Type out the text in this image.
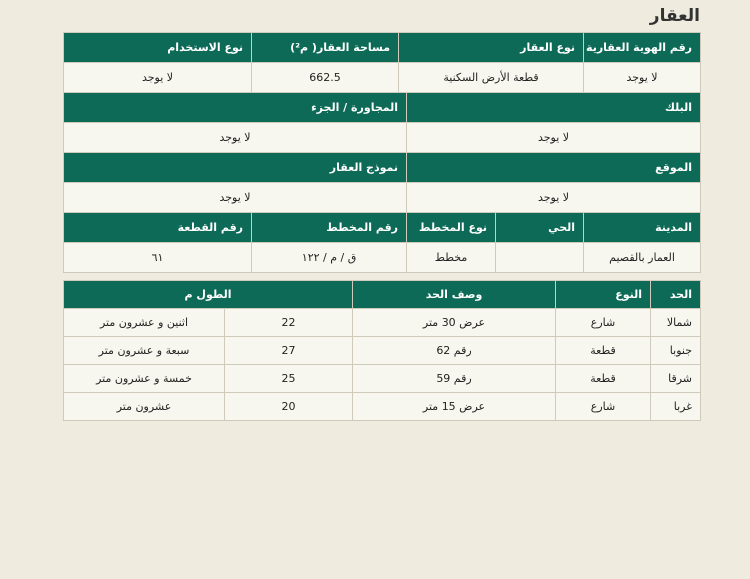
العقار
رقم الهوية العقارية	نوع العقار			مساحة العقار( م²)	نوع الاستخدام
لا يوجد	قطعة الأرض السكنية			662.5	لا يوجد
البلك			المجاورة / الجزء		
لا يوجد			لا يوجد		
الموقع			نموذج العقار		
لا يوجد			لا يوجد		
المدينة	الحي	نوع المخطط	رقم المخطط		رقم القطعة
العمار بالقصيم		مخطط	ق / م / ١٢٢		٦١
الحد	النوع	وصف الحد	الطول م	
شمالا	شارع	عرض 30 متر	22	اثنين و عشرون متر
جنوبا	قطعة	رقم 62	27	سبعة و عشرون متر
شرقا	قطعة	رقم 59	25	خمسة و عشرون متر
غربا	شارع	عرض 15 متر	20	عشرون متر
